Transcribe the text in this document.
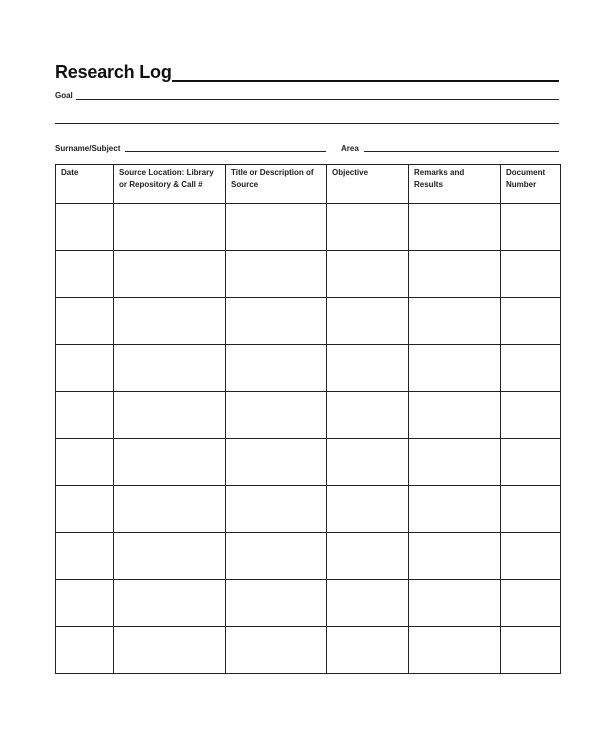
Research Log
Goal
Surname/Subject	Area
Date	Source Location: Library or Repository & Call #	Title or Description of Source	Objective	Remarks and Results	Document Number
